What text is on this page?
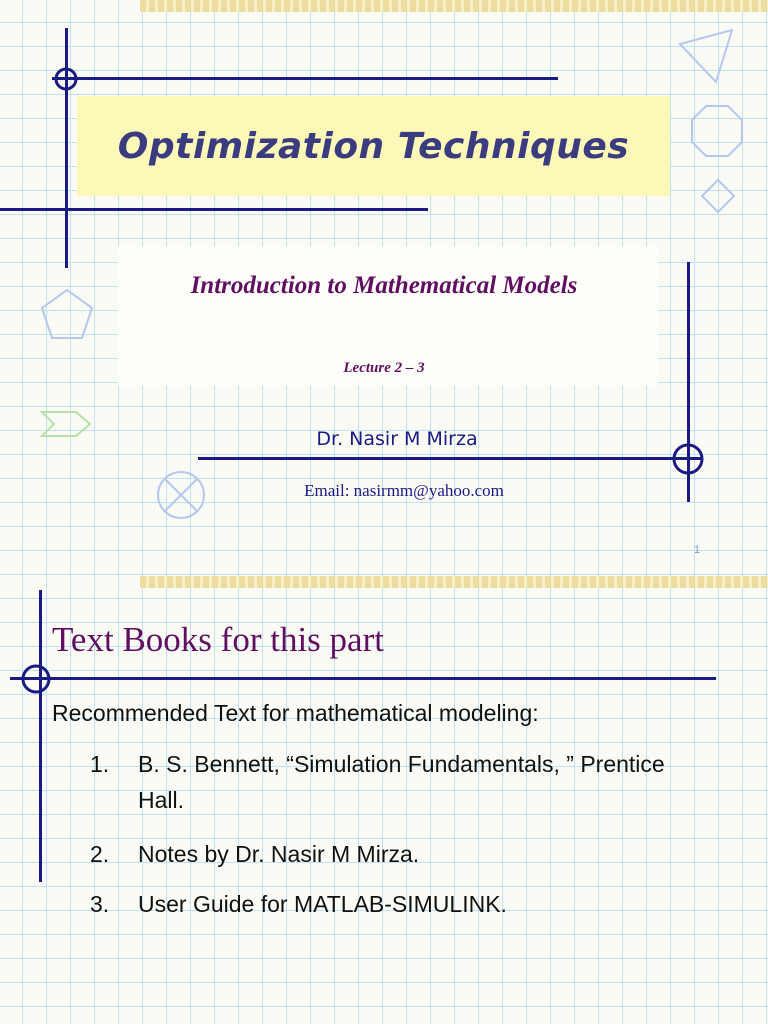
Optimization Techniques
Introduction to Mathematical Models
Lecture 2 – 3
Dr. Nasir M Mirza
Email: nasirmm@yahoo.com
1
Text Books for this part
Recommended Text for mathematical modeling:
1. B. S. Bennett, “Simulation Fundamentals, ” Prentice Hall.
2. Notes by Dr. Nasir M Mirza.
3. User Guide for MATLAB-SIMULINK.
